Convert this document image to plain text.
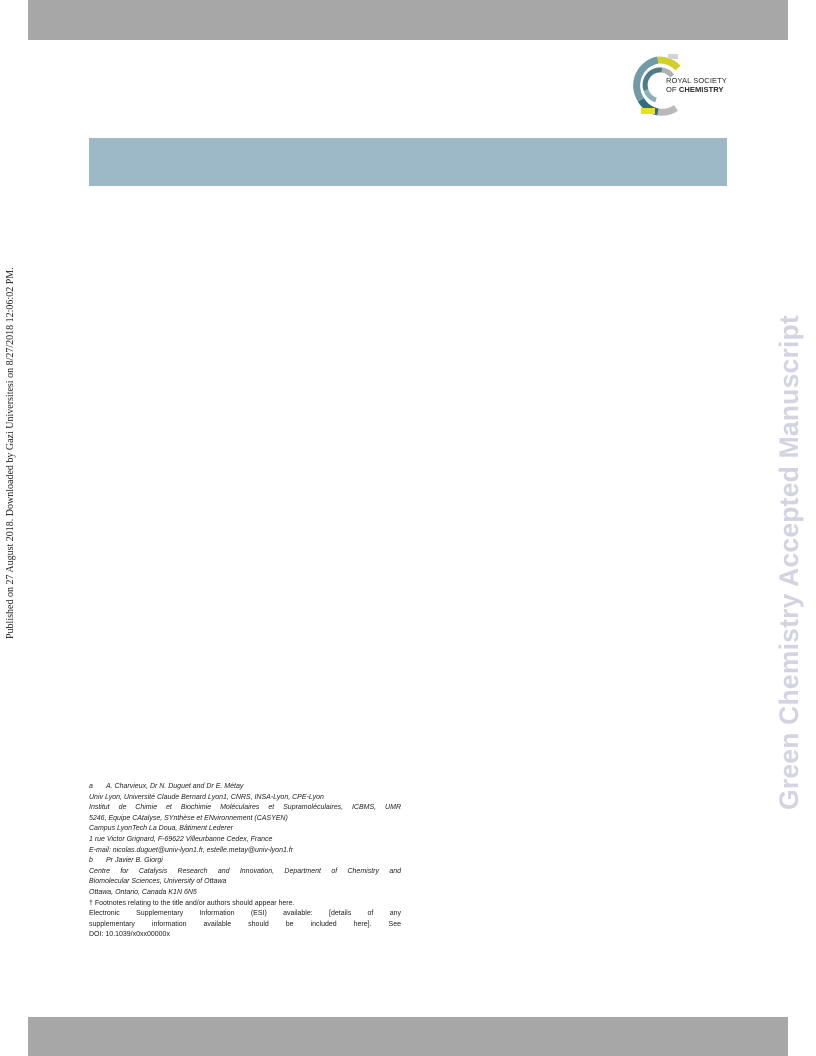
ROYAL SOCIETY
OF CHEMISTRY
Published on 27 August 2018. Downloaded by Gazi Universitesi on 8/27/2018 12:06:02 PM.	Green Chemistry Accepted Manuscript
a A. Charvieux, Dr N. Duguet and Dr E. Métay
Univ Lyon, Université Claude Bernard Lyon1, CNRS, INSA-Lyon, CPE-Lyon
Institut de Chimie et Biochimie Moléculaires et Supramoléculaires, ICBMS, UMR
5246, Equipe CAtalyse, SYnthèse et ENvironnement (CASYEN)
Campus LyonTech La Doua, Bâtiment Lederer
1 rue Victor Grignard, F-69622 Villeurbanne Cedex, France
E-mail: nicolas.duguet@univ-lyon1.fr, estelle.metay@univ-lyon1.fr
b Pr Javier B. Giorgi
Centre for Catalysis Research and Innovation, Department of Chemistry and
Biomolecular Sciences, University of Ottawa
Ottawa, Ontario, Canada K1N 6N5
† Footnotes relating to the title and/or authors should appear here.
Electronic Supplementary Information (ESI) available: [details of any
supplementary information available should be included here]. See
DOI: 10.1039/x0xx00000x
